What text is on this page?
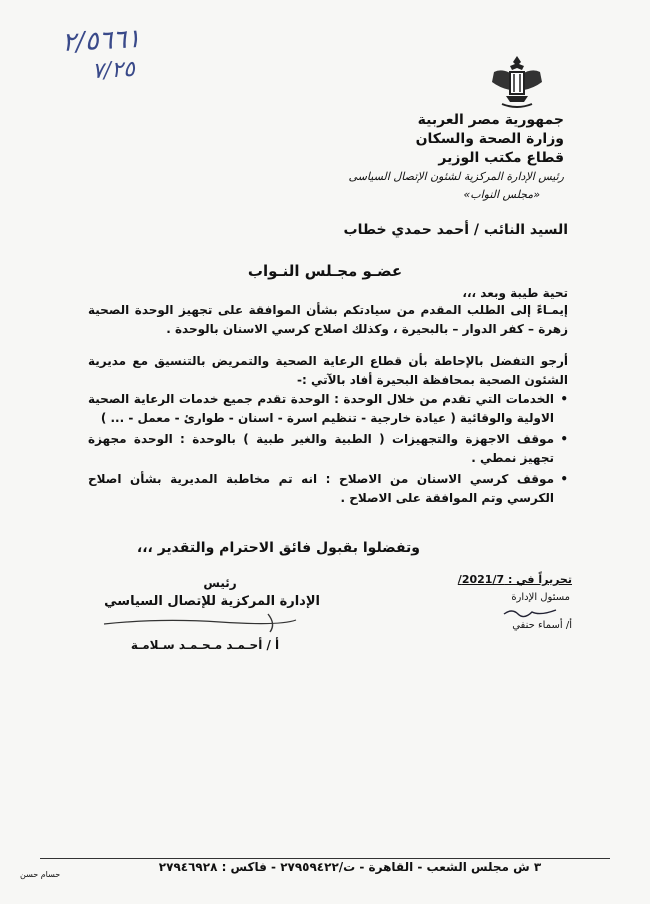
٢/٥٦٦١
٧/٢٥
جمهورية مصر العربية
وزارة الصحة والسكان
قطاع مكتب الوزير
رئيس الإدارة المركزية لشئون الإتصال السياسى
«مجلس النواب»
السيد النائب / أحمد حمدي خطاب
عضـو مجـلس النـواب
تحية طيبة وبعد ،،،
إيمـاءً إلى الطلب المقدم من سيادتكم بشأن الموافقة على تجهيز الوحدة الصحية زهرة – كفر الدوار – بالبحيرة ، وكذلك اصلاح كرسي الاسنان بالوحدة .
أرجو التفضل بالإحاطة بأن قطاع الرعاية الصحية والتمريض بالتنسيق مع مديرية الشئون الصحية بمحافظة البحيرة أفاد بالآتي :-
• الخدمات التي تقدم من خلال الوحدة : الوحدة تقدم جميع خدمات الرعاية الصحية الاولية والوقائية ( عيادة خارجية - تنظيم اسرة - اسنان - طوارئ - معمل - ... )
• موقف الاجهزة والتجهيزات ( الطبية والغير طبية ) بالوحدة : الوحدة مجهزة تجهيز نمطي .
• موقف كرسي الاسنان من الاصلاح : انه تم مخاطبة المديرية بشأن اصلاح الكرسي وتم الموافقة على الاصلاح .
وتفضلوا بقبول فائق الاحترام والتقدير ،،،
تحريراً في : 2021/7/
مسئول الإدارة
أ/ أسماء حنفي
رئيس
الإدارة المركزية للإتصال السياسي
أ / أحـمـد مـحـمـد سـلامـة
٣ ش مجلس الشعب - القاهرة - ت/٢٧٩٥٩٤٢٢ - فاكس : ٢٧٩٤٦٩٢٨
حسام حسن
